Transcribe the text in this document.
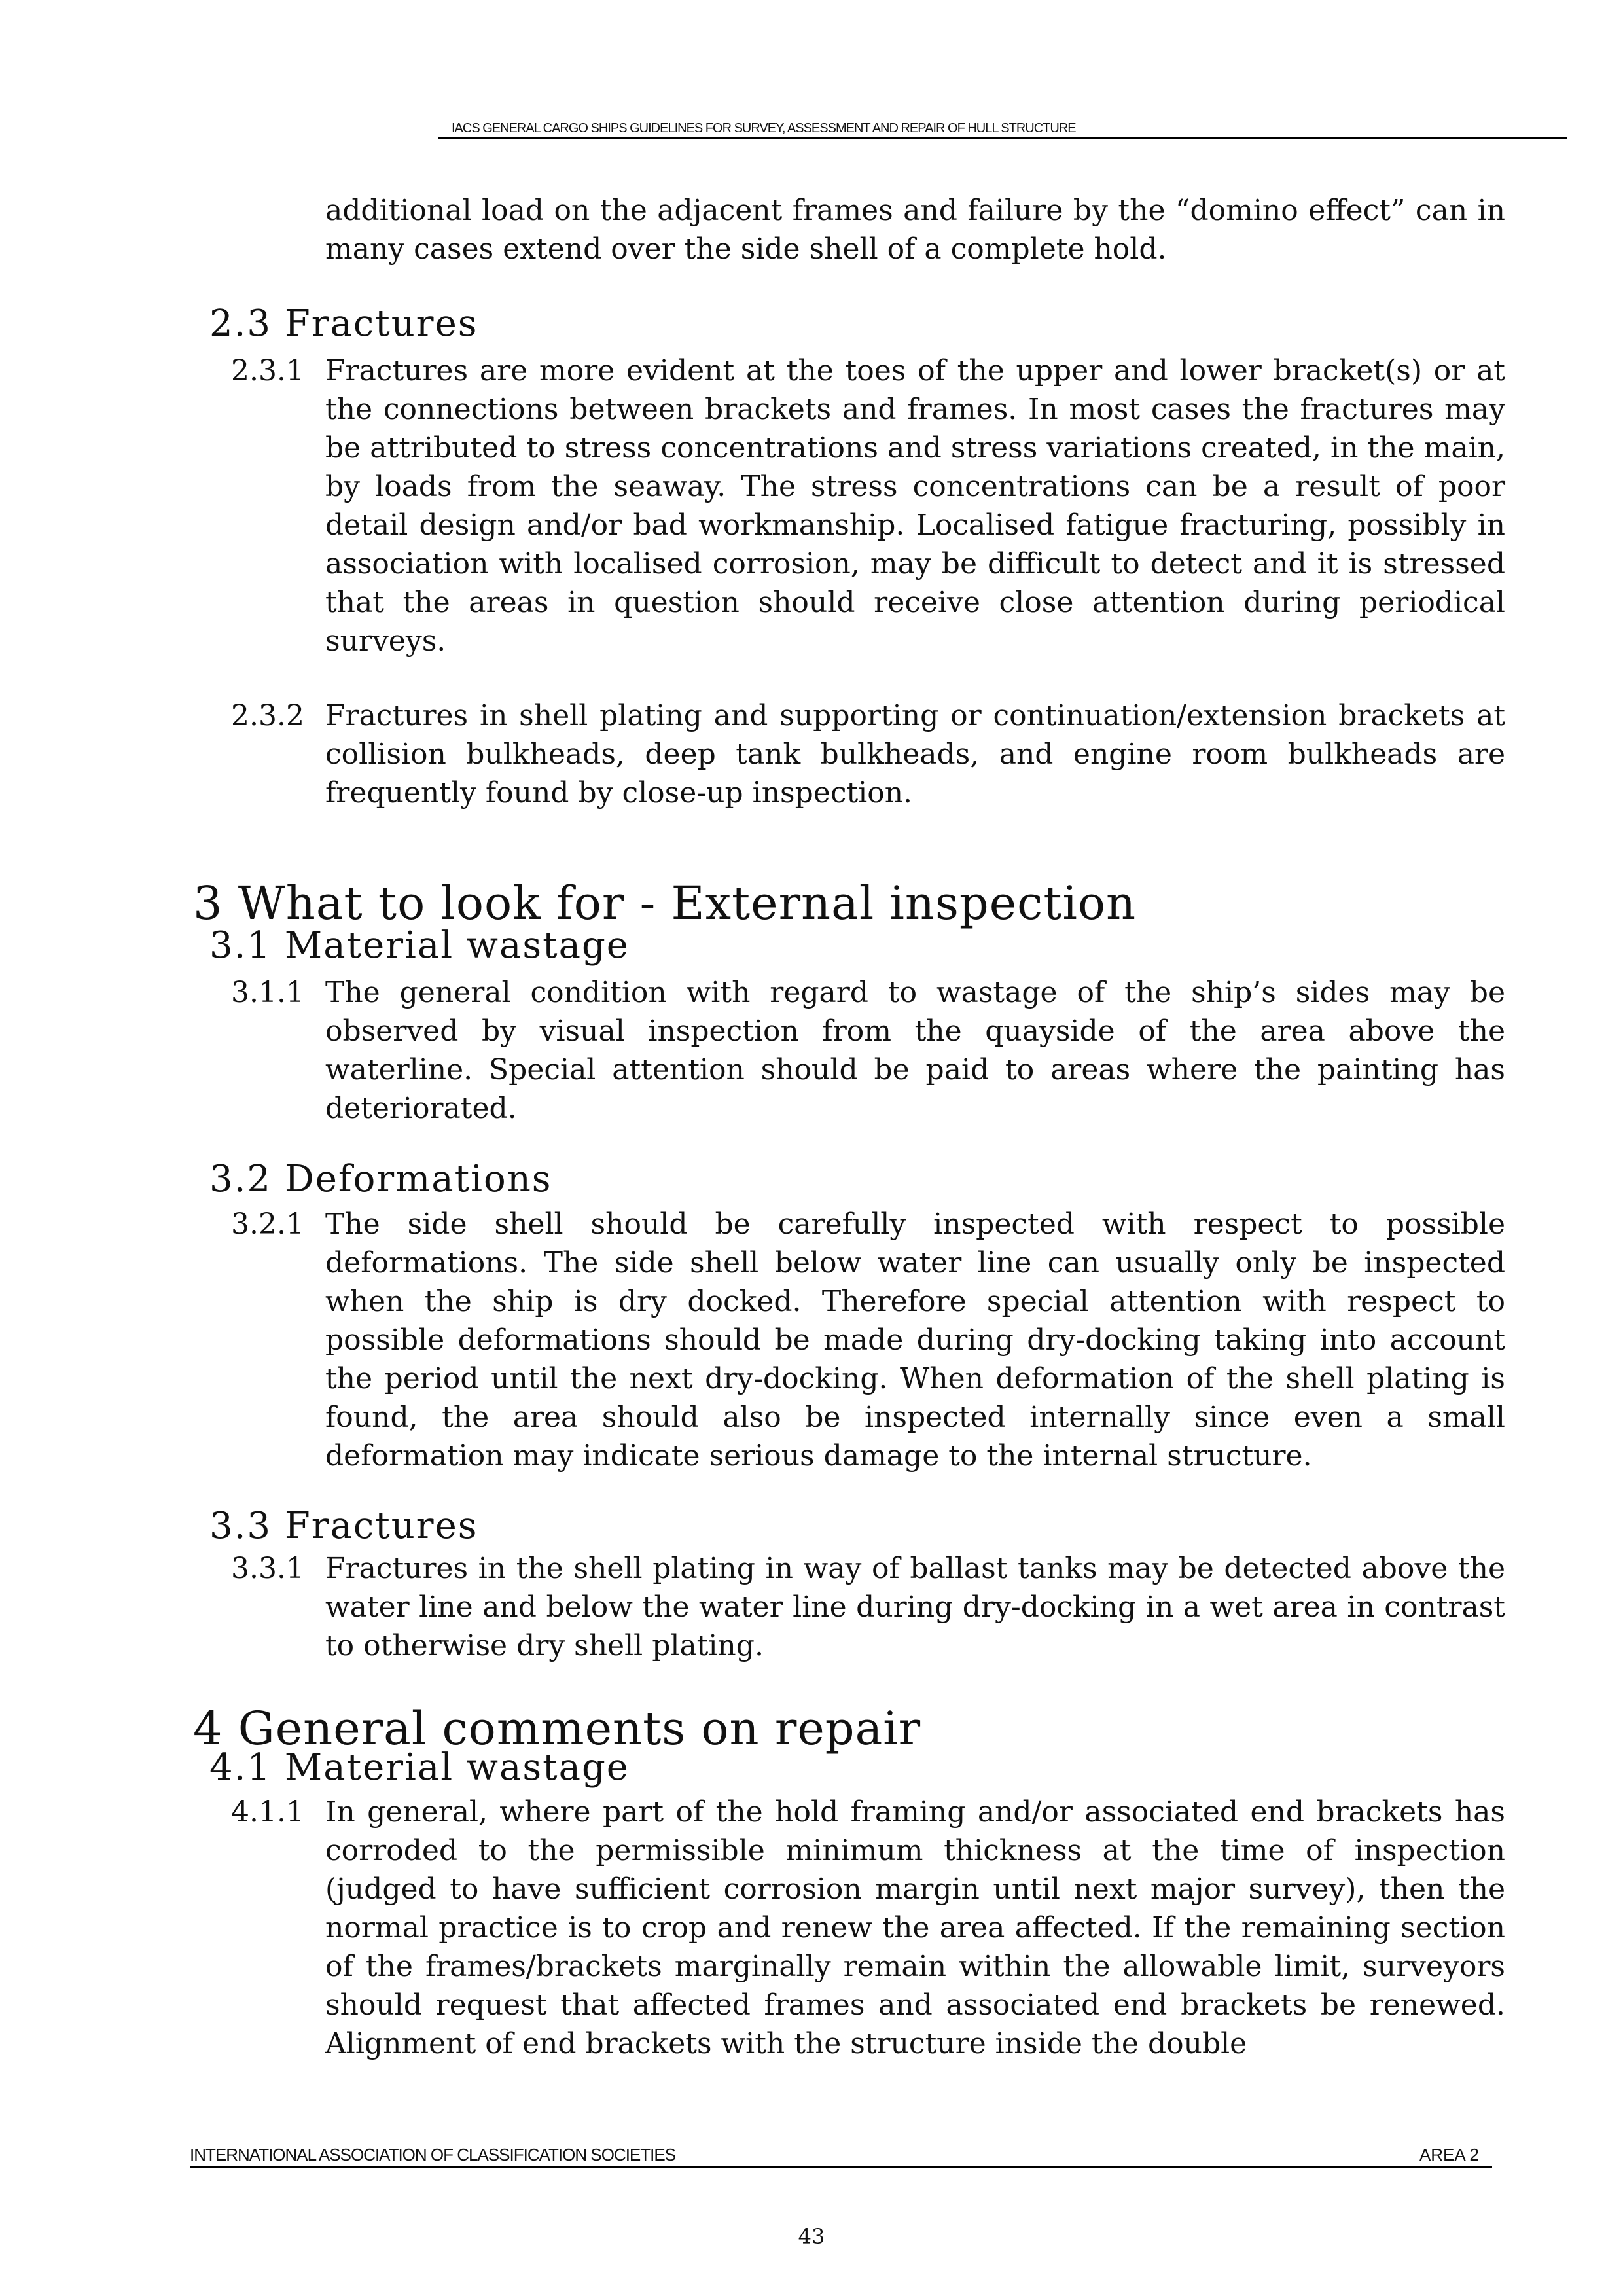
IACS GENERAL CARGO SHIPS GUIDELINES FOR SURVEY, ASSESSMENT AND REPAIR OF HULL STRUCTURE
additional load on the adjacent frames and failure by the “domino effect” can in many cases extend over the side shell of a complete hold.
2.3 Fractures
2.3.1 Fractures are more evident at the toes of the upper and lower bracket(s) or at the connections between brackets and frames. In most cases the fractures may be attributed to stress concentrations and stress variations created, in the main, by loads from the seaway. The stress concentrations can be a result of poor detail design and/or bad workmanship. Localised fatigue fracturing, possibly in association with localised corrosion, may be difficult to detect and it is stressed that the areas in question should receive close attention during periodical surveys.
2.3.2 Fractures in shell plating and supporting or continuation/extension brackets at collision bulkheads, deep tank bulkheads, and engine room bulkheads are frequently found by close-up inspection.
3 What to look for - External inspection
3.1 Material wastage
3.1.1 The general condition with regard to wastage of the ship’s sides may be observed by visual inspection from the quayside of the area above the waterline. Special attention should be paid to areas where the painting has deteriorated.
3.2 Deformations
3.2.1 The side shell should be carefully inspected with respect to possible deformations. The side shell below water line can usually only be inspected when the ship is dry docked. Therefore special attention with respect to possible deformations should be made during dry-docking taking into account the period until the next dry-docking. When deformation of the shell plating is found, the area should also be inspected internally since even a small deformation may indicate serious damage to the internal structure.
3.3 Fractures
3.3.1 Fractures in the shell plating in way of ballast tanks may be detected above the water line and below the water line during dry-docking in a wet area in contrast to otherwise dry shell plating.
4 General comments on repair
4.1 Material wastage
4.1.1 In general, where part of the hold framing and/or associated end brackets has corroded to the permissible minimum thickness at the time of inspection (judged to have sufficient corrosion margin until next major survey), then the normal practice is to crop and renew the area affected. If the remaining section of the frames/brackets marginally remain within the allowable limit, surveyors should request that affected frames and associated end brackets be renewed. Alignment of end brackets with the structure inside the double
INTERNATIONAL ASSOCIATION OF CLASSIFICATION SOCIETIES	AREA 2
43
